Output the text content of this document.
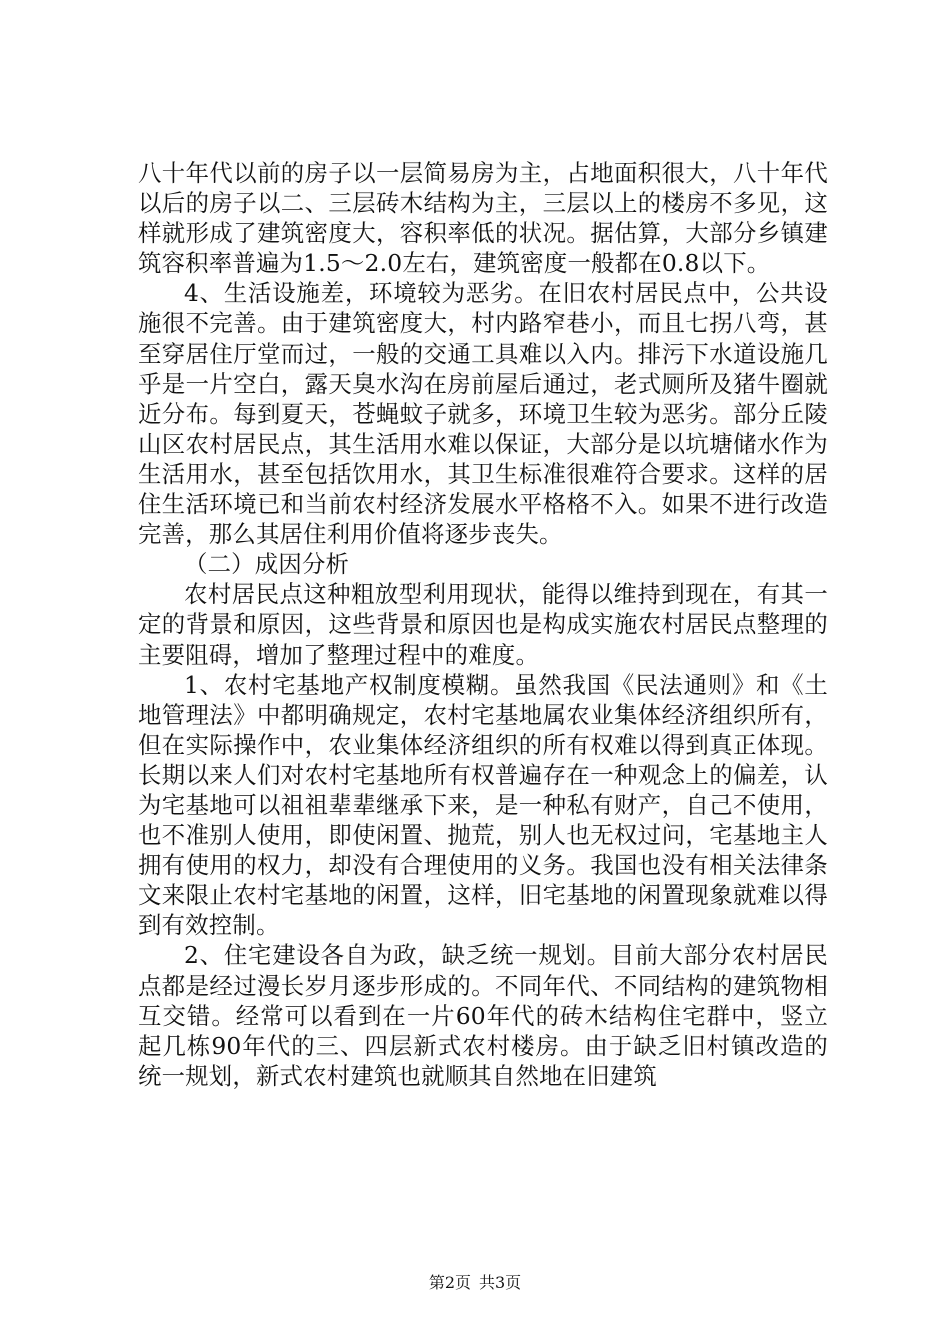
八十年代以前的房子以一层简易房为主，占地面积很大，八十年代以后的房子以二、三层砖木结构为主，三层以上的楼房不多见，这样就形成了建筑密度大，容积率低的状况。据估算，大部分乡镇建筑容积率普遍为1.5～2.0左右，建筑密度一般都在0.8以下。

4、生活设施差，环境较为恶劣。在旧农村居民点中，公共设施很不完善。由于建筑密度大，村内路窄巷小，而且七拐八弯，甚至穿居住厅堂而过，一般的交通工具难以入内。排污下水道设施几乎是一片空白，露天臭水沟在房前屋后通过，老式厕所及猪牛圈就近分布。每到夏天，苍蝇蚊子就多，环境卫生较为恶劣。部分丘陵山区农村居民点，其生活用水难以保证，大部分是以坑塘储水作为生活用水，甚至包括饮用水，其卫生标准很难符合要求。这样的居住生活环境已和当前农村经济发展水平格格不入。如果不进行改造完善，那么其居住利用价值将逐步丧失。

（二）成因分析

农村居民点这种粗放型利用现状，能得以维持到现在，有其一定的背景和原因，这些背景和原因也是构成实施农村居民点整理的主要阻碍，增加了整理过程中的难度。

1、农村宅基地产权制度模糊。虽然我国《民法通则》和《土地管理法》中都明确规定，农村宅基地属农业集体经济组织所有，但在实际操作中，农业集体经济组织的所有权难以得到真正体现。长期以来人们对农村宅基地所有权普遍存在一种观念上的偏差，认为宅基地可以祖祖辈辈继承下来，是一种私有财产，自己不使用，也不准别人使用，即使闲置、抛荒，别人也无权过问，宅基地主人拥有使用的权力，却没有合理使用的义务。我国也没有相关法律条文来限止农村宅基地的闲置，这样，旧宅基地的闲置现象就难以得到有效控制。

2、住宅建设各自为政，缺乏统一规划。目前大部分农村居民点都是经过漫长岁月逐步形成的。不同年代、不同结构的建筑物相互交错。经常可以看到在一片60年代的砖木结构住宅群中，竖立起几栋90年代的三、四层新式农村楼房。由于缺乏旧村镇改造的统一规划，新式农村建筑也就顺其自然地在旧建筑

第2页 共3页
